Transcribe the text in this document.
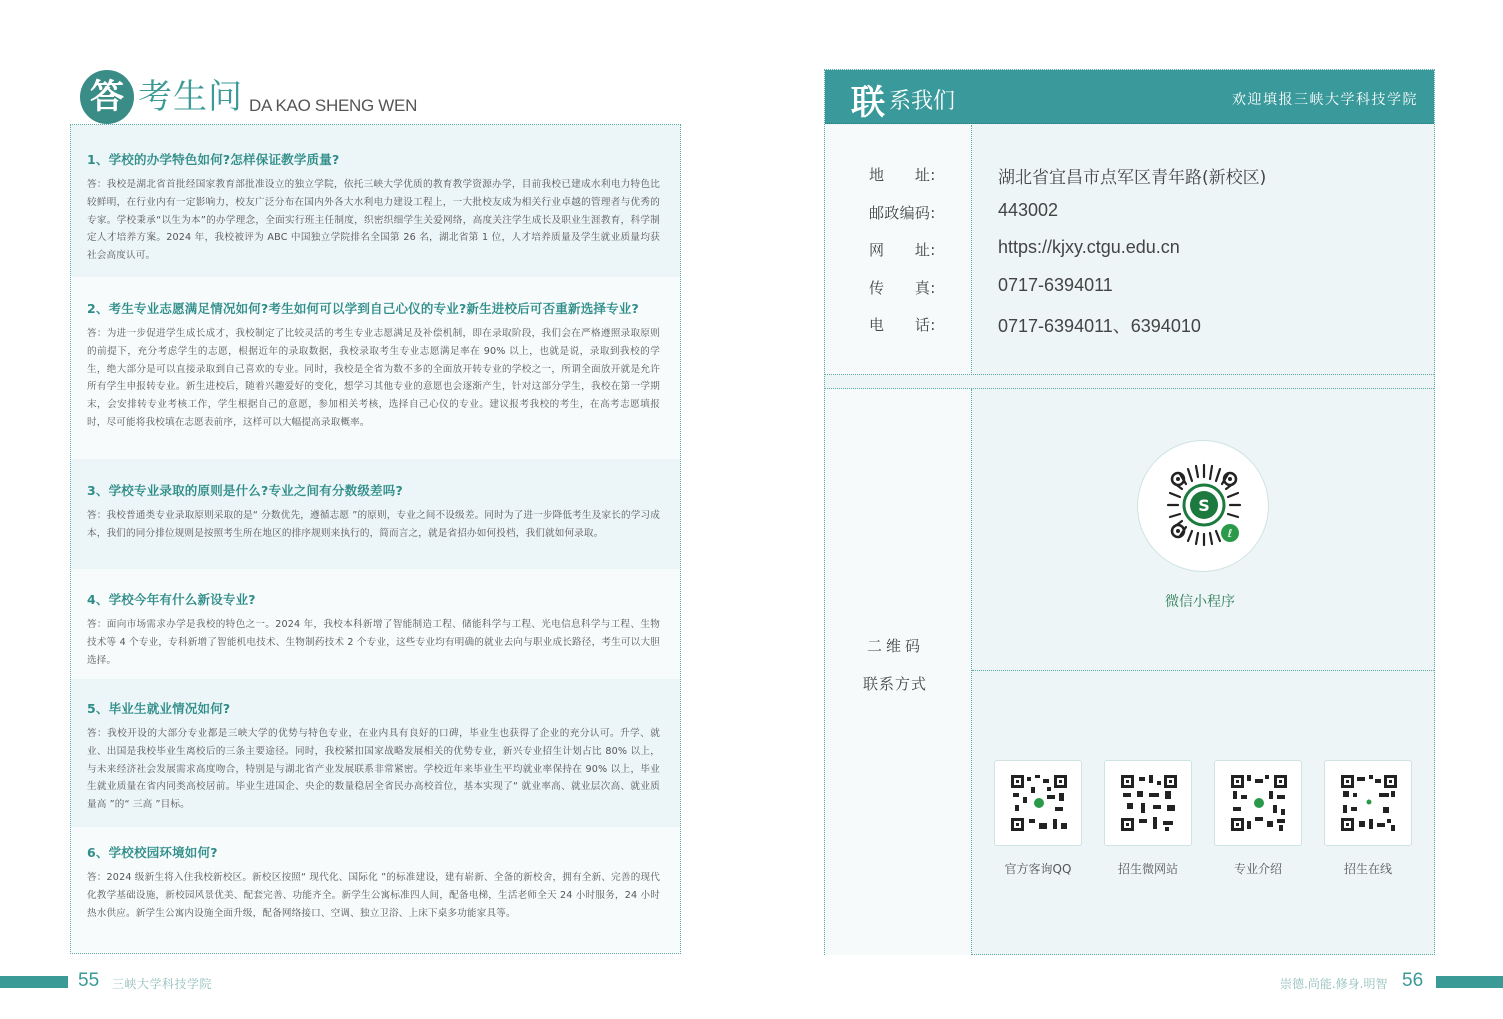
答 考生问 DA KAO SHENG WEN
1、学校的办学特色如何?怎样保证教学质量?
答：我校是湖北省首批经国家教育部批准设立的独立学院，依托三峡大学优质的教育教学资源办学，目前我校已建成水利电力特色比较鲜明，在行业内有一定影响力，校友广泛分布在国内外各大水利电力建设工程上，一大批校友成为相关行业卓越的管理者与优秀的专家。学校秉承“以生为本”的办学理念，全面实行班主任制度，织密织细学生关爱网络，高度关注学生成长及职业生涯教育，科学制定人才培养方案。2024 年，我校被评为 ABC 中国独立学院排名全国第 26 名，湖北省第 1 位，人才培养质量及学生就业质量均获社会高度认可。
2、考生专业志愿满足情况如何?考生如何可以学到自己心仪的专业?新生进校后可否重新选择专业?
答：为进一步促进学生成长成才，我校制定了比较灵活的考生专业志愿满足及补偿机制，即在录取阶段，我们会在严格遵照录取原则的前提下，充分考虑学生的志愿，根据近年的录取数据，我校录取考生专业志愿满足率在 90% 以上，也就是说，录取到我校的学生，绝大部分是可以直接录取到自己喜欢的专业。同时，我校是全省为数不多的全面放开转专业的学校之一，所谓全面放开就是允许所有学生申报转专业。新生进校后，随着兴趣爱好的变化，想学习其他专业的意愿也会逐渐产生，针对这部分学生，我校在第一学期末，会安排转专业考核工作，学生根据自己的意愿，参加相关考核，选择自己心仪的专业。建议报考我校的考生，在高考志愿填报时，尽可能将我校填在志愿表前序，这样可以大幅提高录取概率。
3、学校专业录取的原则是什么?专业之间有分数级差吗?
答：我校普通类专业录取原则采取的是“ 分数优先，遵循志愿 ”的原则，专业之间不设级差。同时为了进一步降低考生及家长的学习成本，我们的同分排位规则是按照考生所在地区的排序规则来执行的，简而言之，就是省招办如何投档，我们就如何录取。
4、学校今年有什么新设专业?
答：面向市场需求办学是我校的特色之一。2024 年，我校本科新增了智能制造工程、储能科学与工程、光电信息科学与工程、生物技术等 4 个专业，专科新增了智能机电技术、生物制药技术 2 个专业，这些专业均有明确的就业去向与职业成长路径，考生可以大胆选择。
5、毕业生就业情况如何?
答：我校开设的大部分专业都是三峡大学的优势与特色专业，在业内具有良好的口碑，毕业生也获得了企业的充分认可。升学、就业、出国是我校毕业生离校后的三条主要途径。同时，我校紧扣国家战略发展相关的优势专业，新兴专业招生计划占比 80% 以上，与未来经济社会发展需求高度吻合，特别是与湖北省产业发展联系非常紧密。学校近年来毕业生平均就业率保持在 90% 以上，毕业生就业质量在省内同类高校居前。毕业生进国企、央企的数量稳居全省民办高校首位，基本实现了“ 就业率高、就业层次高、就业质量高 ”的“ 三高 ”目标。
6、学校校园环境如何?
答：2024 级新生将入住我校新校区。新校区按照“ 现代化、国际化 ”的标准建设，建有崭新、全备的新校舍，拥有全新、完善的现代化教学基础设施，新校园风景优美、配套完善、功能齐全。新学生公寓标准四人间，配备电梯，生活老师全天 24 小时服务，24 小时热水供应。新学生公寓内设施全面升级，配备网络接口、空调、独立卫浴、上床下桌多功能家具等。
55 三峡大学科技学院
联 系我们	欢迎填报三峡大学科技学院
地　　址:	湖北省宜昌市点军区青年路(新校区)
邮政编码:	443002
网　　址:	https://kjxy.ctgu.edu.cn
传　　真:	0717-6394011
电　　话:	0717-6394011、6394010
二维码
联系方式
S
ℓ
微信小程序
官方客询QQ	招生微网站	专业介绍	招生在线
崇德.尚能.修身.明智 56
